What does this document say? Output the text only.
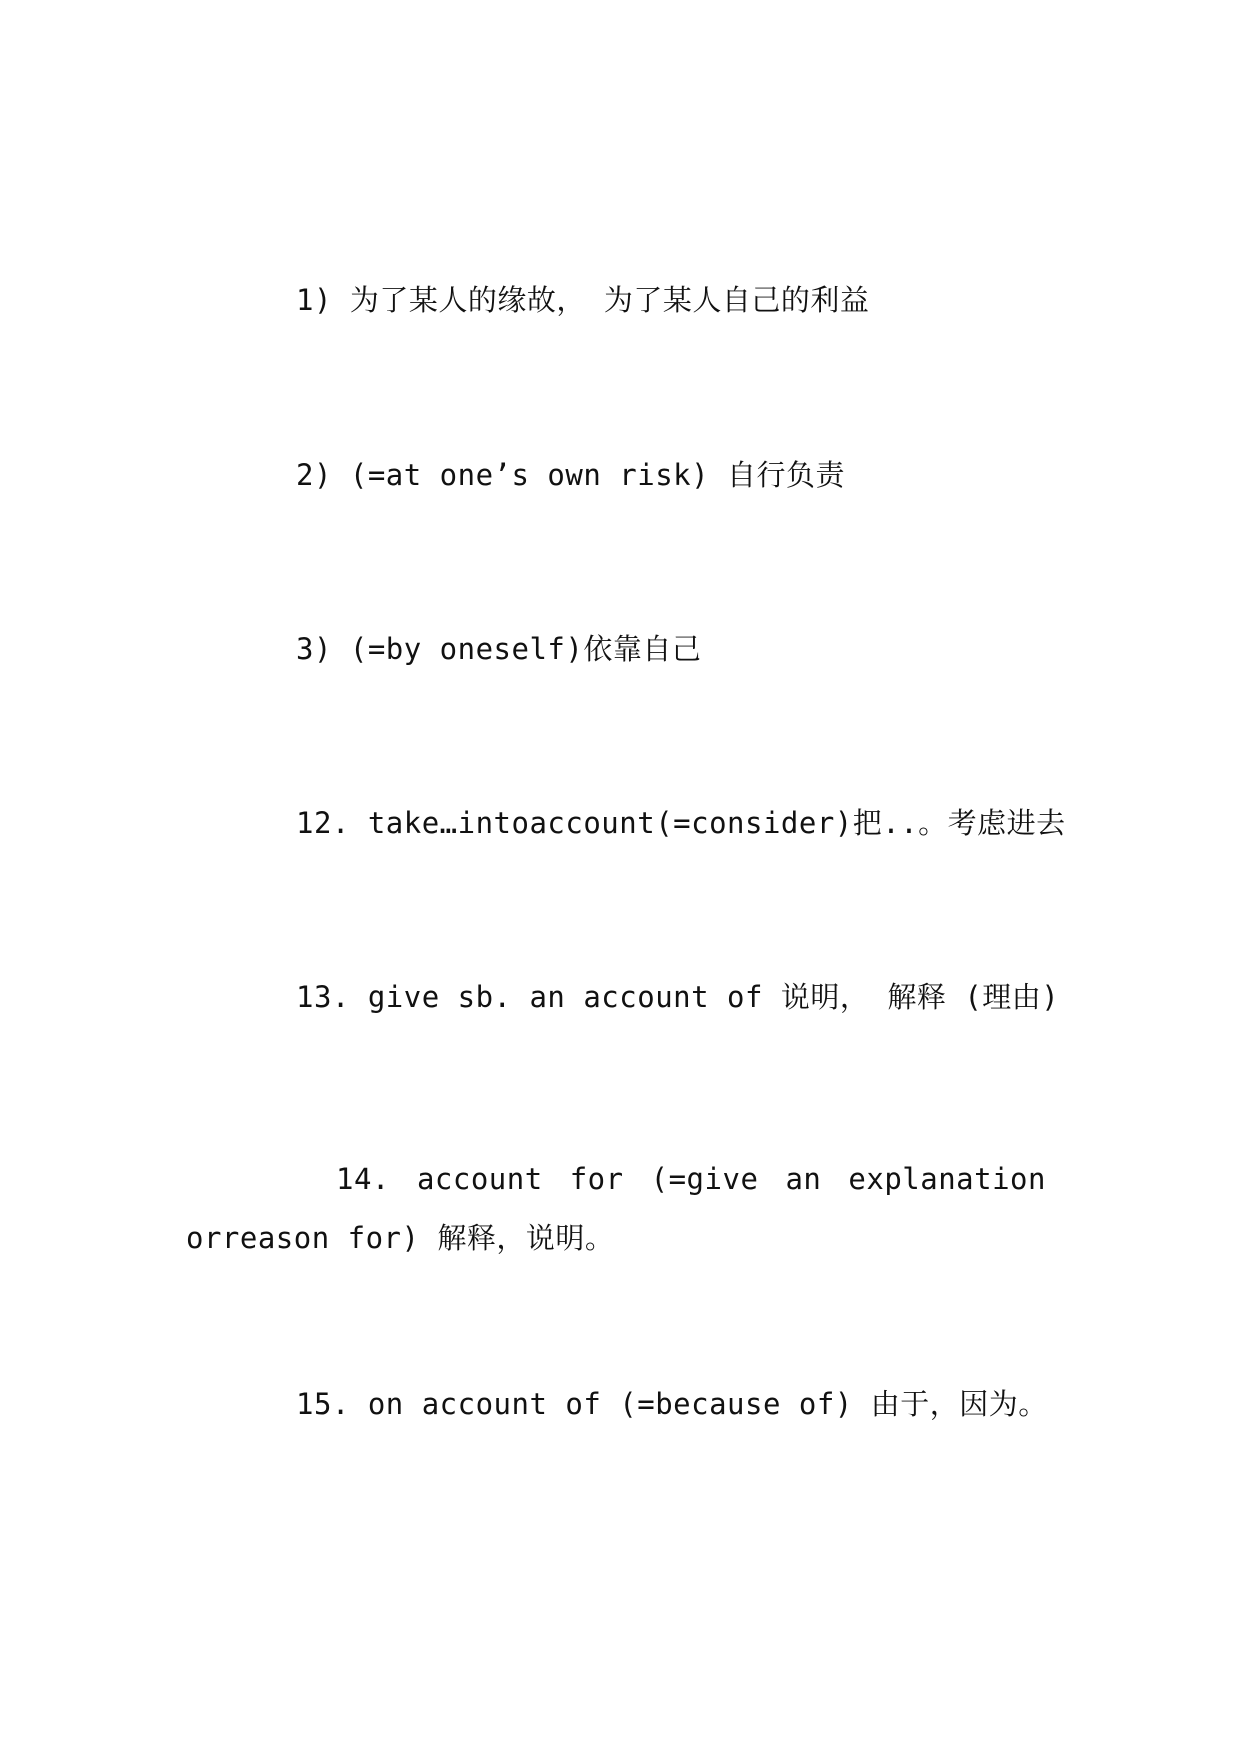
1) 为了某人的缘故， 为了某人自己的利益
2) (=at one’s own risk) 自行负责
3) (=by oneself)依靠自己
12. take…intoaccount(=consider)把..。考虑进去
13. give sb. an account of 说明， 解释 (理由)
14. account for (=give an explanation
orreason for) 解释，说明。
15. on account of (=because of) 由于，因为。
